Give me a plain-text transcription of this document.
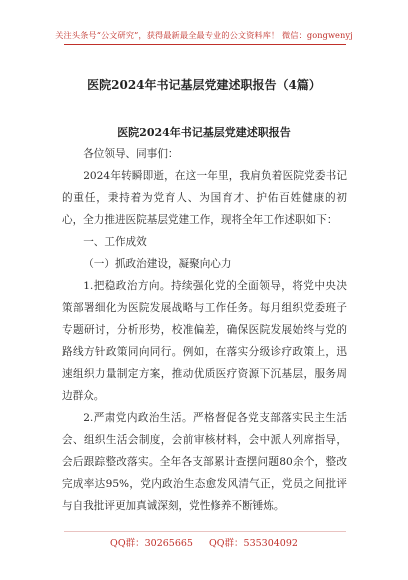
关注头条号“公文研究”，获得最新最全最专业的公文资料库！ 微信：gongwenyj
医院2024年书记基层党建述职报告（4篇）
医院2024年书记基层党建述职报告

各位领导、同事们：

2024年转瞬即逝，在这一年里，我肩负着医院党委书记的重任，秉持着为党育人、为国育才、护佑百姓健康的初心，全力推进医院基层党建工作，现将全年工作述职如下：

一、工作成效

（一）抓政治建设，凝聚向心力

1.把稳政治方向。持续强化党的全面领导，将党中央决策部署细化为医院发展战略与工作任务。每月组织党委班子专题研讨，分析形势，校准偏差，确保医院发展始终与党的路线方针政策同向同行。例如，在落实分级诊疗政策上，迅速组织力量制定方案，推动优质医疗资源下沉基层，服务周边群众。

2.严肃党内政治生活。严格督促各党支部落实民主生活会、组织生活会制度，会前审核材料，会中派人列席指导，会后跟踪整改落实。全年各支部累计查摆问题80余个，整改完成率达95%，党内政治生态愈发风清气正，党员之间批评与自我批评更加真诚深刻，党性修养不断锤炼。

QQ群：30265665 QQ群：535304092
